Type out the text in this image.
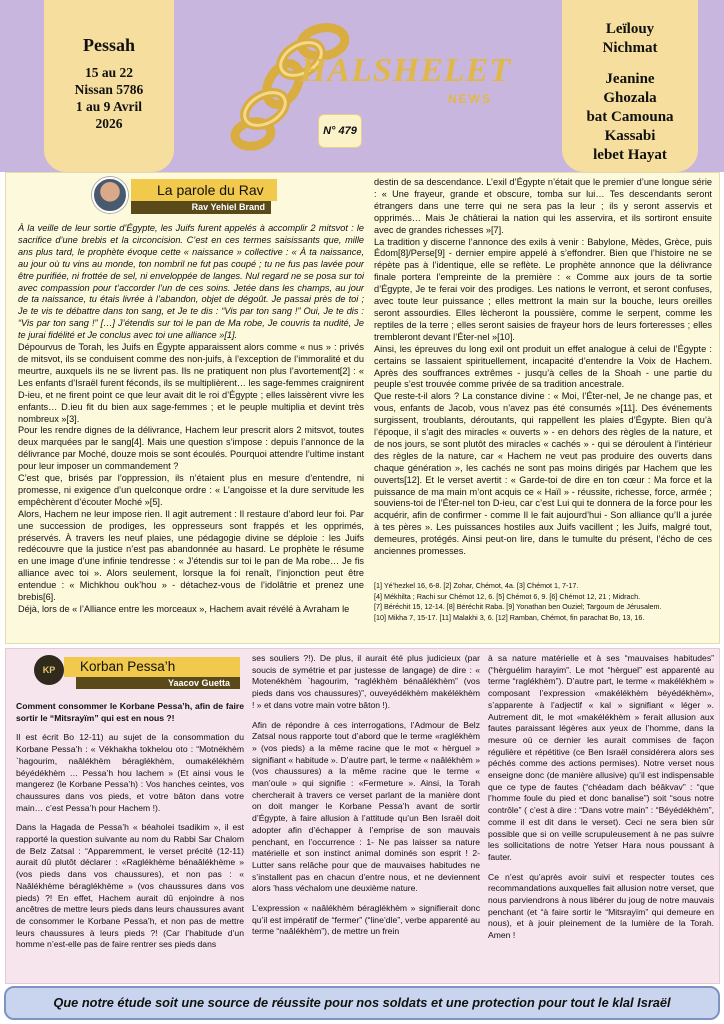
Pessah
15 au 22
Nissan 5786
1 au 9 Avril
2026
HALSHELET
NEWS
N° 479
Leïlouy
Nichmat
Jeanine
Ghozala
bat Camouna
Kassabi
lebet Hayat
La parole du Rav
Rav Yehiel Brand

À la veille de leur sortie d’Égypte, les Juifs furent appelés à accomplir 2 mitsvot : le sacrifice d’une brebis et la circoncision. C’est en ces termes saisissants que, mille ans plus tard, le prophète évoque cette « naissance » collective : « À ta naissance, au jour où tu vins au monde, ton nombril ne fut pas coupé ; tu ne fus pas lavée pour être purifiée, ni frottée de sel, ni enveloppée de langes. Nul regard ne se posa sur toi avec compassion pour t’accorder l’un de ces soins. Jetée dans les champs, au jour de ta naissance, tu étais livrée à l’abandon, objet de dégoût. Je passai près de toi ; Je te vis te débattre dans ton sang, et Je te dis : “Vis par ton sang !” Oui, Je te dis : “Vis par ton sang !” […] J’étendis sur toi le pan de Ma robe, Je couvris ta nudité, Je te jurai fidélité et Je conclus avec toi une alliance »[1].

Dépourvus de Torah, les Juifs en Égypte apparaissent alors comme « nus » : privés de mitsvot, ils se conduisent comme des non-juifs, à l’exception de l’immoralité et du meurtre, auxquels ils ne se livrent pas. Ils ne pratiquent non plus l’avortement[2] : « Les enfants d’Israël furent féconds, ils se multiplièrent… les sage-femmes craignirent D-ieu, et ne firent point ce que leur avait dit le roi d’Égypte ; elles laissèrent vivre les enfants… D.ieu fit du bien aux sage-femmes ; et le peuple multiplia et devint très nombreux »[3].

Pour les rendre dignes de la délivrance, Hachem leur prescrit alors 2 mitsvot, toutes deux marquées par le sang[4]. Mais une question s’impose : depuis l’annonce de la délivrance par Moché, douze mois se sont écoulés. Pourquoi attendre l’ultime instant pour leur imposer un commandement ?

C’est que, brisés par l’oppression, ils n’étaient plus en mesure d’entendre, ni promesse, ni exigence d’un quelconque ordre : « L’angoisse et la dure servitude les empêchèrent d’écouter Moché »[5].

Alors, Hachem ne leur impose rien. Il agit autrement : Il restaure d’abord leur foi. Par une succession de prodiges, les oppresseurs sont frappés et les opprimés, préservés. À travers les neuf plaies, une pédagogie divine se déploie : les Juifs redécouvre que la justice n’est pas abandonnée au hasard. Le prophète le résume en une image d’une infinie tendresse : « J’étendis sur toi le pan de Ma robe… Je fis alliance avec toi ». Alors seulement, lorsque la foi renaît, l’injonction peut être entendue : « Michkhou ouk’hou » - détachez-vous de l’idolâtrie et prenez une brebis[6].

Déjà, lors de « l’Alliance entre les morceaux », Hachem avait révélé à Avraham le

destin de sa descendance. L’exil d’Égypte n’était que le premier d’une longue série : « Une frayeur, grande et obscure, tomba sur lui… Tes descendants seront étrangers dans une terre qui ne sera pas la leur ; ils y seront asservis et opprimés… Mais Je châtierai la nation qui les asservira, et ils sortiront ensuite avec de grandes richesses »[7].

La tradition y discerne l’annonce des exils à venir : Babylone, Mèdes, Grèce, puis Édom[8]/Perse[9] - dernier empire appelé à s’effondrer. Bien que l’histoire ne se répète pas à l’identique, elle se reflète. Le prophète annonce que la délivrance finale portera l’empreinte de la première : « Comme aux jours de ta sortie d’Égypte, Je te ferai voir des prodiges. Les nations le verront, et seront confuses, avec toute leur puissance ; elles mettront la main sur la bouche, leurs oreilles seront assourdies. Elles lècheront la poussière, comme le serpent, comme les reptiles de la terre ; elles seront saisies de frayeur hors de leurs forteresses ; elles trembleront devant l’Éter-nel »[10].

Ainsi, les épreuves du long exil ont produit un effet analogue à celui de l’Égypte : certains se lassaient spirituellement, incapacité d’entendre la Voix de Hachem. Après des souffrances extrêmes - jusqu’à celles de la Shoah - une partie du peuple s’est trouvée comme privée de sa tradition ancestrale.

Que reste-t-il alors ? La constance divine : « Moi, l’Éter-nel, Je ne change pas, et vous, enfants de Jacob, vous n’avez pas été consumés »[11]. Des événements surgissent, troublants, déroutants, qui rappellent les plaies d’Égypte. Bien qu’à l’époque, il s’agit des miracles « ouverts » - en dehors des règles de la nature, et de nos jours, se sont plutôt des miracles « cachés » - qui se déroulent à l’intérieur des règles de la nature, car « Hachem ne veut pas produire des ouverts dans chaque génération », les cachés ne sont pas moins dirigés par Hachem que les ouverts[12]. Et le verset avertit : « Garde-toi de dire en ton cœur : Ma force et la puissance de ma main m’ont acquis ce « Haïl » - réussite, richesse, force, armée ; souviens-toi de l’Éter-nel ton D-ieu, car c’est Lui qui te donnera de la force pour les acquérir, afin de confirmer - comme Il le fait aujourd’hui - Son alliance qu’Il a jurée à tes pères ». Les puissances hostiles aux Juifs vacillent ; les Juifs, malgré tout, demeures, protégés. Ainsi peut-on lire, dans le tumulte du présent, l’écho de ces anciennes promesses.

[1] Yé’hezkel 16, 6-8. [2] Zohar, Chémot, 4a. [3] Chémot 1, 7-17.
[4] Mékhilta ; Rachi sur Chémot 12, 6. [5] Chémot 6, 9. [6] Chémot 12, 21 ; Midrach.
[7] Béréchit 15, 12-14. [8] Béréchit Raba. [9] Yonathan ben Ouziel; Targoum de Jérusalem.
[10] Mikha 7, 15-17. [11] Malakhi 3, 6. [12] Ramban, Chémot, fin parachat Bo, 13, 16.
KP	Korban Pessa’h
Yaacov Guetta

Comment consommer le Korbane Pessa’h, afin de faire sortir le “Mitsrayïm” qui est en nous ?!

Il est écrit Bo 12-11) au sujet de la consommation du Korbane Pessa’h : « Vékhakha tokhelou oto : “Motnékhèm `hagourim, naâlékhèm béraglékhèm, oumakélékhèm béyédékhèm … Pessa’h hou lachem » (Et ainsi vous le mangerez (le Korbane Pessa’h) : Vos hanches ceintes, vos chaussures dans vos pieds, et votre bâton dans votre main… c’est Pessa’h pour Hachem !).

Dans la Hagada de Pessa’h « béaholei tsadikim », il est rapporté la question suivante au nom du Rabbi Sar Chalom de Belz Zatsal : “Apparemment, le verset précité (12-11) aurait dû plutôt déclarer : «Raglékhème bénaâlékhème » (vos pieds dans vos chaussures), et non pas : « Naâlékhème béraglékhème » (vos chaussures dans vos pieds) ?! En effet, Hachem aurait dû enjoindre à nos ancêtres de mettre leurs pieds dans leurs chaussures avant de consommer le Korbane Pessa’h, et non pas de mettre leurs chaussures à leurs pieds ?! (Car l’habitude d’un homme n’est-elle pas de faire rentrer ses pieds dans

ses souliers ?!). De plus, il aurait été plus judicieux (par soucis de symétrie et par justesse de langage) de dire : « Motenékhèm `hagourim, “raglékhèm bénaâlékhèm” (vos pieds dans vos chaussures)”, ouveyédékhèm makélékhèm ! » et dans votre main votre bâton !).

Afin de répondre à ces interrogations, l’Admour de Belz Zatsal nous rapporte tout d’abord que le terme «raglékhèm » (vos pieds) a la même racine que le mot « hèrguel » signifiant « habitude ». D’autre part, le terme « naâlékhèm » (vos chaussures) a la même racine que le terme « man’oule » qui signifie : «Fermeture ». Ainsi, la Torah chercherait à travers ce verset parlant de la manière dont on doit manger le Korbane Pessa’h avant de sortir d’Égypte, à faire allusion à l’attitude qu’un Ben Israël doit adopter afin d’échapper à l’emprise de son mauvais penchant, en l’occurrence : 1- Ne pas laisser sa nature matérielle et son instinct animal dominés son esprit ! 2- Lutter sans relâche pour que de mauvaises habitudes ne s’installent pas en chacun d’entre nous, et ne deviennent alors ’hass véchalom une deuxième nature.

L’expression « naâlékhèm béraglékhèm » signifierait donc qu’il est impératif de “fermer” (“line’dle”, verbe apparenté au terme “naâlékhèm”), de mettre un frein

à sa nature matérielle et à ses “mauvaises habitudes” (“hèrguélim harayim”. Le mot “hèrguel” est apparenté au terme “raglékhèm”). D’autre part, le terme « makélékhèm » composant l’expression «makélékhèm béyédékhèm», s’apparente à l’adjectif « kal » signifiant « léger ». Autrement dit, le mot «makélékhèm » ferait allusion aux fautes paraissant légères aux yeux de l’homme, dans la mesure où ce dernier les aurait commises de façon régulière et répétitive (ce Ben Israël considérera alors ses péchés comme des actions permises). Notre verset nous enseigne donc (de manière allusive) qu’il est indispensable que ce type de fautes (“chéadam dach béâkvav” : “que l’homme foule du pied et donc banalise”) soit “sous notre contrôle” ( c’est à dire : “Dans votre main” : “Béyédékhèm”, comme il est dit dans le verset). Ceci ne sera bien sûr possible que si on veille scrupuleusement à ne pas suivre les sollicitations de notre Yetser Hara nous poussant à fauter.

Ce n’est qu’après avoir suivi et respecter toutes ces recommandations auxquelles fait allusion notre verset, que nous parviendrons à nous libérer du joug de notre mauvais penchant (et “à faire sortir le “Mitsrayïm” qui demeure en nous), et à jouir pleinement de la lumière de la Torah. Amen !

Que notre étude soit une source de réussite pour nos soldats et une protection pour tout le klal Israël
